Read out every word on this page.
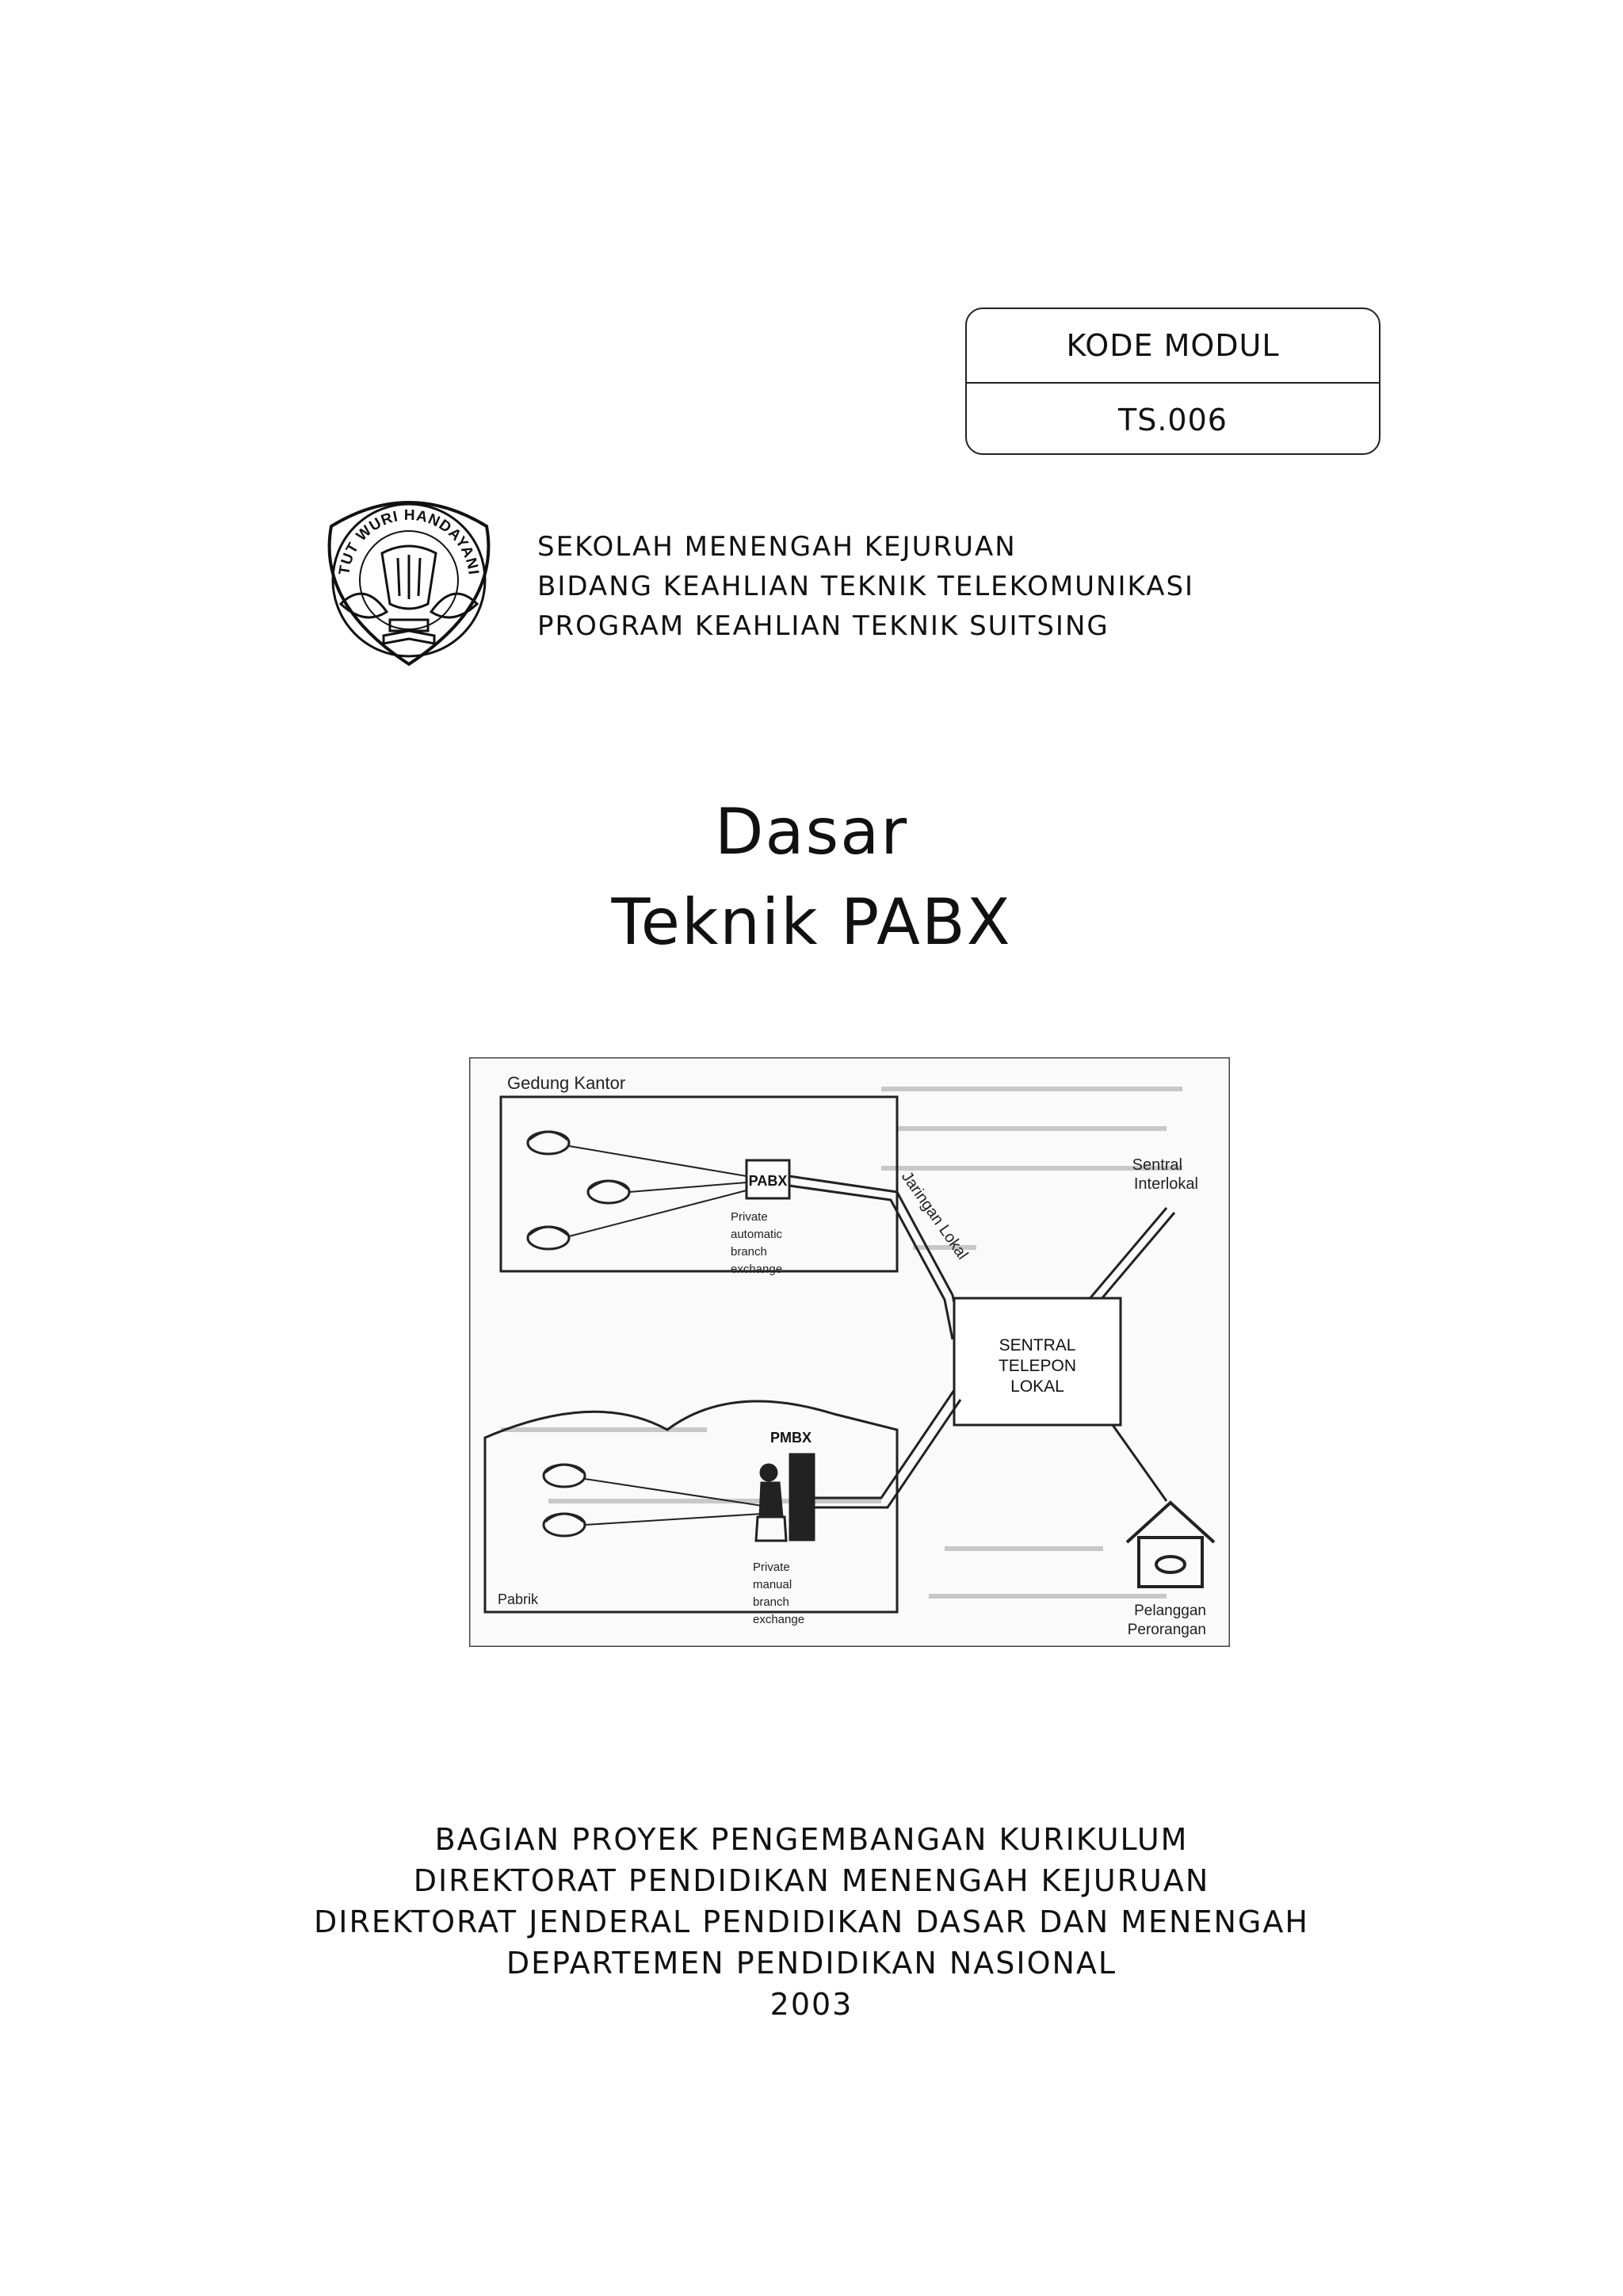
KODE MODUL
TS.006
TUT WURI HANDAYANI
SEKOLAH MENENGAH KEJURUAN
BIDANG KEAHLIAN TEKNIK TELEKOMUNIKASI
PROGRAM KEAHLIAN TEKNIK SUITSING
Dasar
Teknik PABX
Gedung Kantor
PABX
Private
automatic
branch
exchange
Jaringan Lokal
Sentral
Interlokal
SENTRAL
TELEPON
LOKAL
Pabrik
PMBX
Private
manual
branch
exchange
Pelanggan
Perorangan
BAGIAN PROYEK PENGEMBANGAN KURIKULUM
DIREKTORAT PENDIDIKAN MENENGAH KEJURUAN
DIREKTORAT JENDERAL PENDIDIKAN DASAR DAN MENENGAH
DEPARTEMEN PENDIDIKAN NASIONAL
2003
